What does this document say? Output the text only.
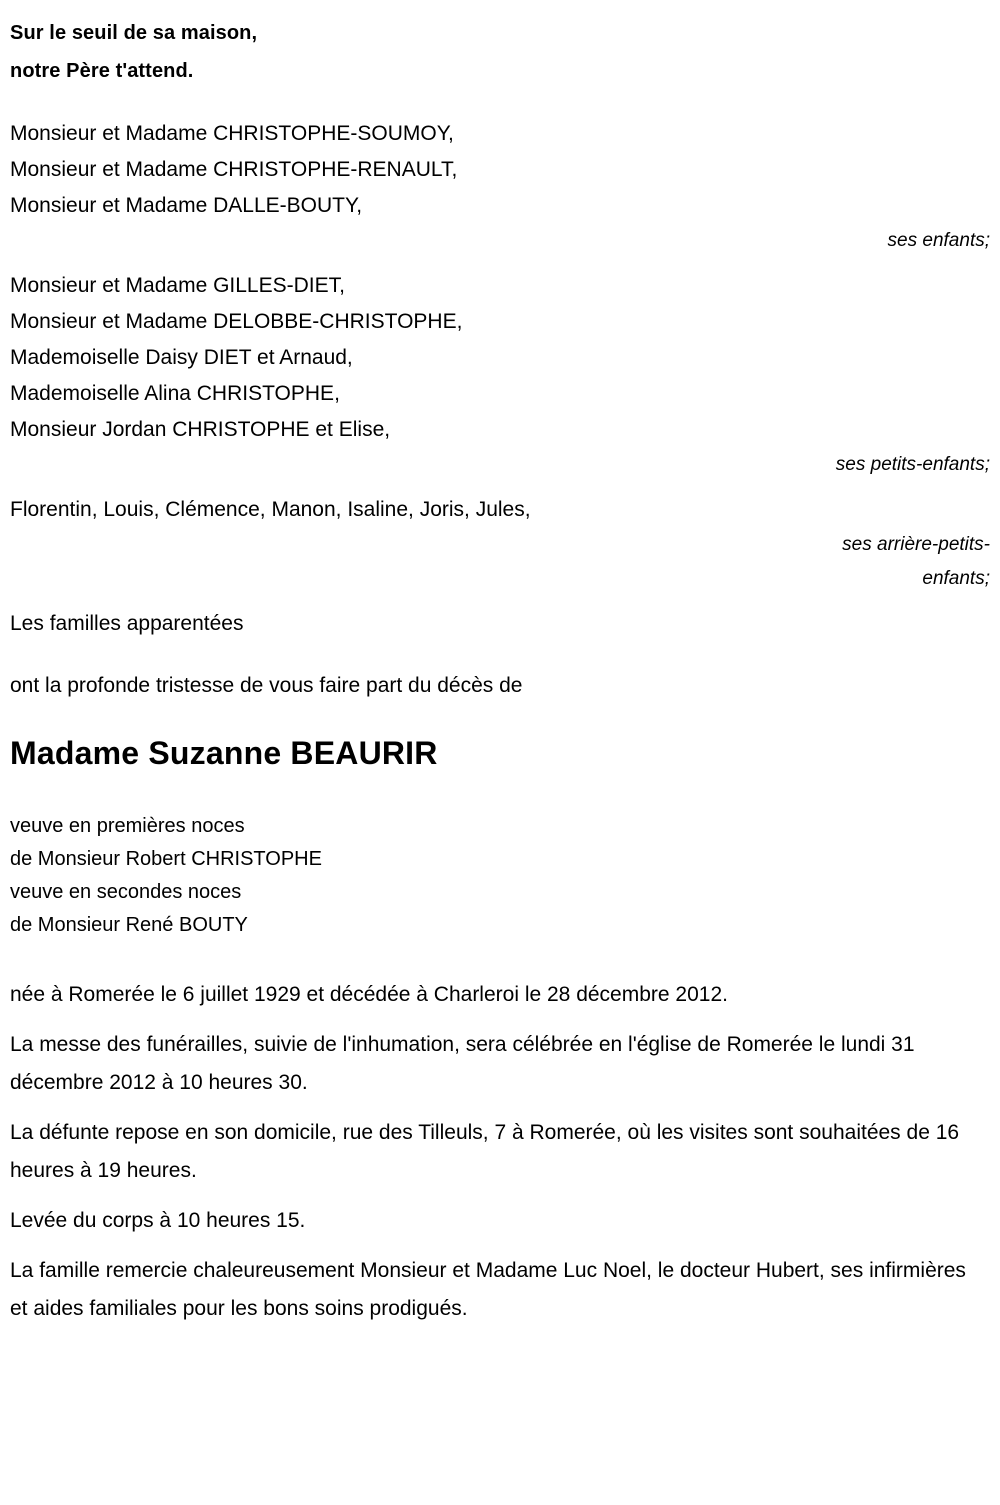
Sur le seuil de sa maison,
notre Père t'attend.
Monsieur et Madame CHRISTOPHE-SOUMOY,
Monsieur et Madame CHRISTOPHE-RENAULT,
Monsieur et Madame DALLE-BOUTY,
ses enfants;
Monsieur et Madame GILLES-DIET,
Monsieur et Madame DELOBBE-CHRISTOPHE,
Mademoiselle Daisy DIET et Arnaud,
Mademoiselle Alina CHRISTOPHE,
Monsieur Jordan CHRISTOPHE et Elise,
ses petits-enfants;
Florentin, Louis, Clémence, Manon, Isaline, Joris, Jules,
ses arrière-petits-
enfants;
Les familles apparentées
ont la profonde tristesse de vous faire part du décès de
Madame Suzanne BEAURIR
veuve en premières noces
de Monsieur Robert CHRISTOPHE
veuve en secondes noces
de Monsieur René BOUTY

née à Romerée le 6 juillet 1929 et décédée à Charleroi le 28 décembre 2012.

La messe des funérailles, suivie de l'inhumation, sera célébrée en l'église de Romerée le lundi 31 décembre 2012 à 10 heures 30.

La défunte repose en son domicile, rue des Tilleuls, 7 à Romerée, où les visites sont souhaitées de 16 heures à 19 heures.

Levée du corps à 10 heures 15.

La famille remercie chaleureusement Monsieur et Madame Luc Noel, le docteur Hubert, ses infirmières et aides familiales pour les bons soins prodigués.
